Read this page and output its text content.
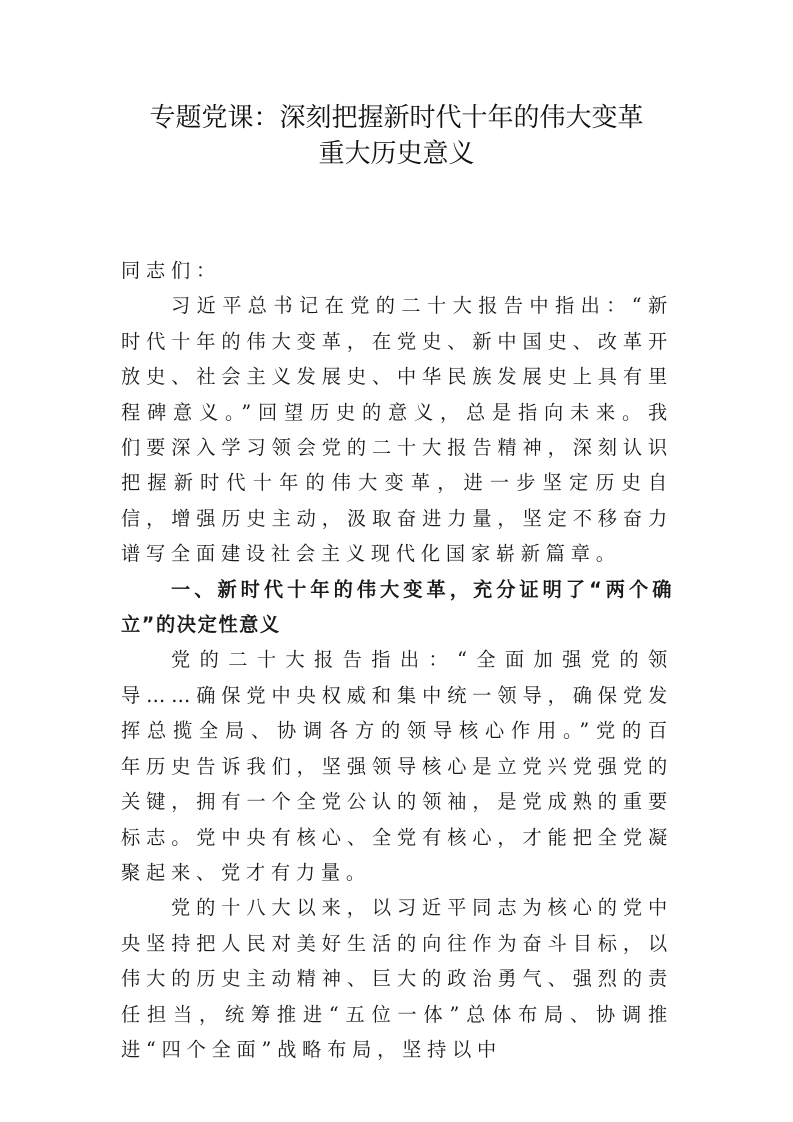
专题党课：深刻把握新时代十年的伟大变革
重大历史意义

同志们：

习近平总书记在党的二十大报告中指出：“新时代十年的伟大变革，在党史、新中国史、改革开放史、社会主义发展史、中华民族发展史上具有里程碑意义。”回望历史的意义，总是指向未来。我们要深入学习领会党的二十大报告精神，深刻认识把握新时代十年的伟大变革，进一步坚定历史自信，增强历史主动，汲取奋进力量，坚定不移奋力谱写全面建设社会主义现代化国家崭新篇章。

一、新时代十年的伟大变革，充分证明了“两个确立”的决定性意义

党的二十大报告指出：“全面加强党的领导……确保党中央权威和集中统一领导，确保党发挥总揽全局、协调各方的领导核心作用。”党的百年历史告诉我们，坚强领导核心是立党兴党强党的关键，拥有一个全党公认的领袖，是党成熟的重要标志。党中央有核心、全党有核心，才能把全党凝聚起来、党才有力量。

党的十八大以来，以习近平同志为核心的党中央坚持把人民对美好生活的向往作为奋斗目标，以伟大的历史主动精神、巨大的政治勇气、强烈的责任担当，统筹推进“五位一体”总体布局、协调推进“四个全面”战略布局，坚持以中
